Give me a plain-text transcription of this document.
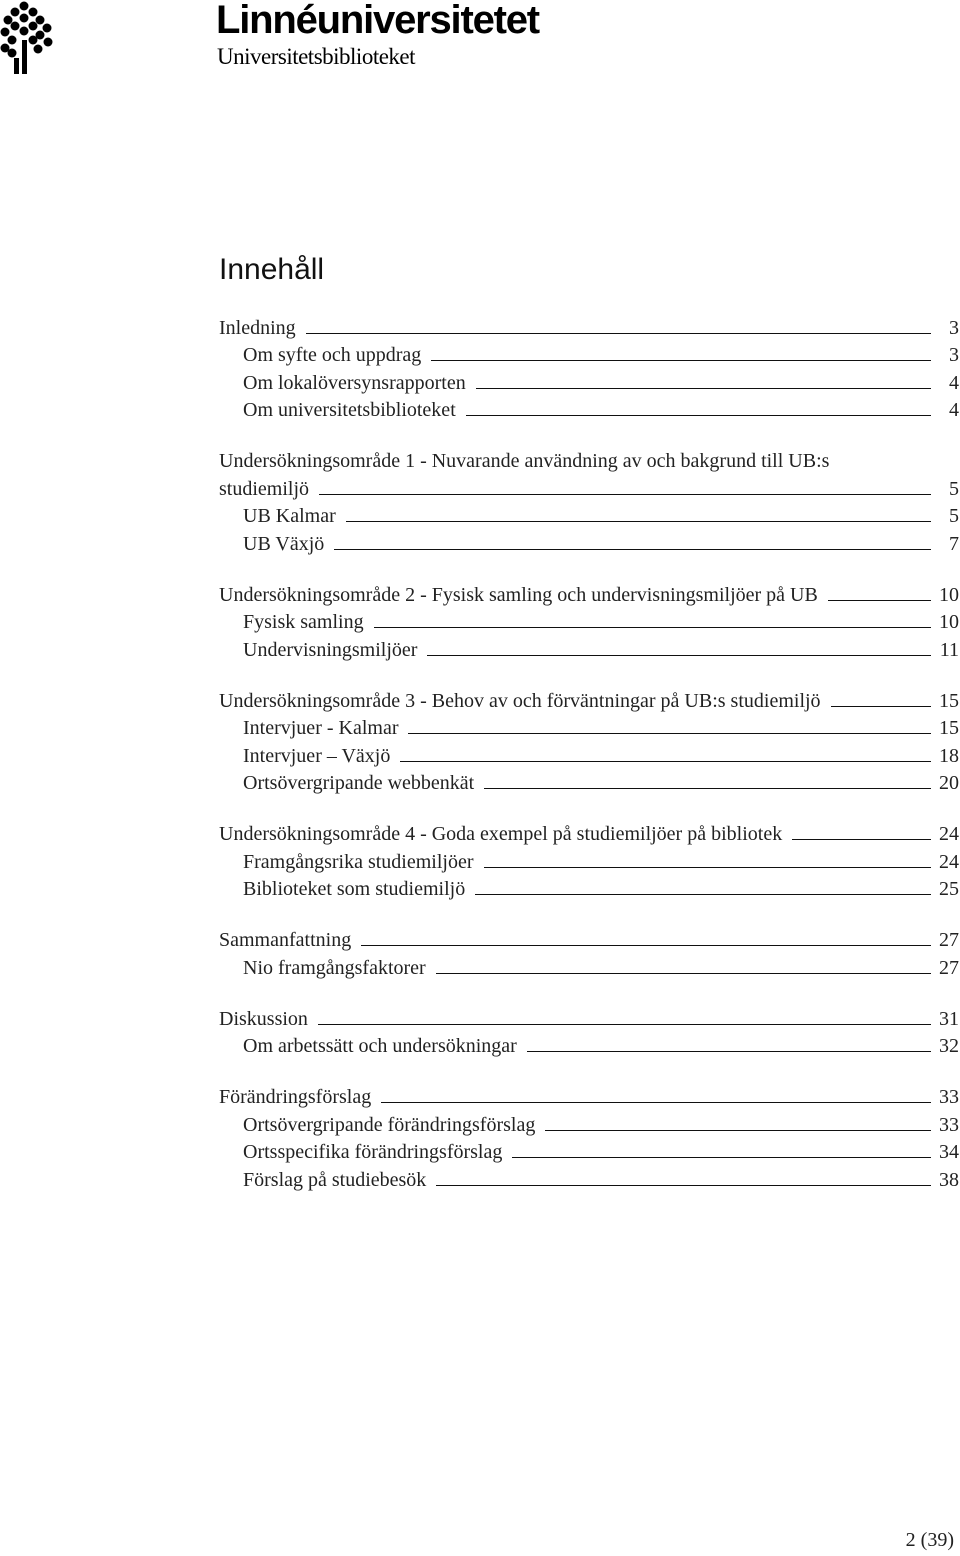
Linnéuniversitetet
Universitetsbiblioteket
Innehåll
Inledning	3
Om syfte och uppdrag	3
Om lokalöversynsrapporten	4
Om universitetsbiblioteket	4
Undersökningsområde 1 - Nuvarande användning av och bakgrund till UB:s
studiemiljö	5
UB Kalmar	5
UB Växjö	7
Undersökningsområde 2 - Fysisk samling och undervisningsmiljöer på UB	10
Fysisk samling	10
Undervisningsmiljöer	11
Undersökningsområde 3 - Behov av och förväntningar på UB:s studiemiljö	15
Intervjuer - Kalmar	15
Intervjuer – Växjö	18
Ortsövergripande webbenkät	20
Undersökningsområde 4 - Goda exempel på studiemiljöer på bibliotek	24
Framgångsrika studiemiljöer	24
Biblioteket som studiemiljö	25
Sammanfattning	27
Nio framgångsfaktorer	27
Diskussion	31
Om arbetssätt och undersökningar	32
Förändringsförslag	33
Ortsövergripande förändringsförslag	33
Ortsspecifika förändringsförslag	34
Förslag på studiebesök	38
2 (39)
